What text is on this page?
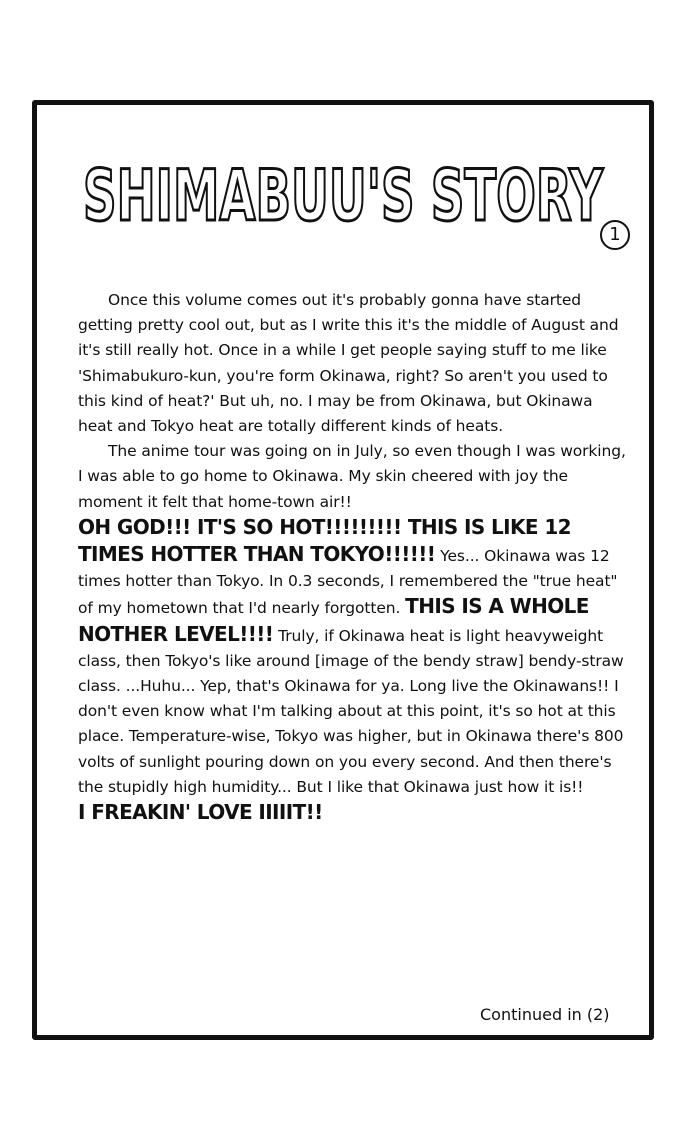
SHIMABUU'S STORY 1

Once this volume comes out it's probably gonna have started getting pretty cool out, but as I write this it's the middle of August and it's still really hot. Once in a while I get people saying stuff to me like 'Shimabukuro-kun, you're form Okinawa, right? So aren't you used to this kind of heat?' But uh, no. I may be from Okinawa, but Okinawa heat and Tokyo heat are totally different kinds of heats.

The anime tour was going on in July, so even though I was working, I was able to go home to Okinawa. My skin cheered with joy the moment it felt that home-town air!!

OH GOD!!! IT'S SO HOT!!!!!!!!! THIS IS LIKE 12 TIMES HOTTER THAN TOKYO!!!!!! Yes... Okinawa was 12 times hotter than Tokyo. In 0.3 seconds, I remembered the "true heat" of my hometown that I'd nearly forgotten. THIS IS A WHOLE NOTHER LEVEL!!!! Truly, if Okinawa heat is light heavyweight class, then Tokyo's like around [image of the bendy straw] bendy-straw class. ...Huhu... Yep, that's Okinawa for ya. Long live the Okinawans!! I don't even know what I'm talking about at this point, it's so hot at this place. Temperature-wise, Tokyo was higher, but in Okinawa there's 800 volts of sunlight pouring down on you every second. And then there's the stupidly high humidity... But I like that Okinawa just how it is!!

I FREAKIN' LOVE IIIIIT!!

Continued in (2)
